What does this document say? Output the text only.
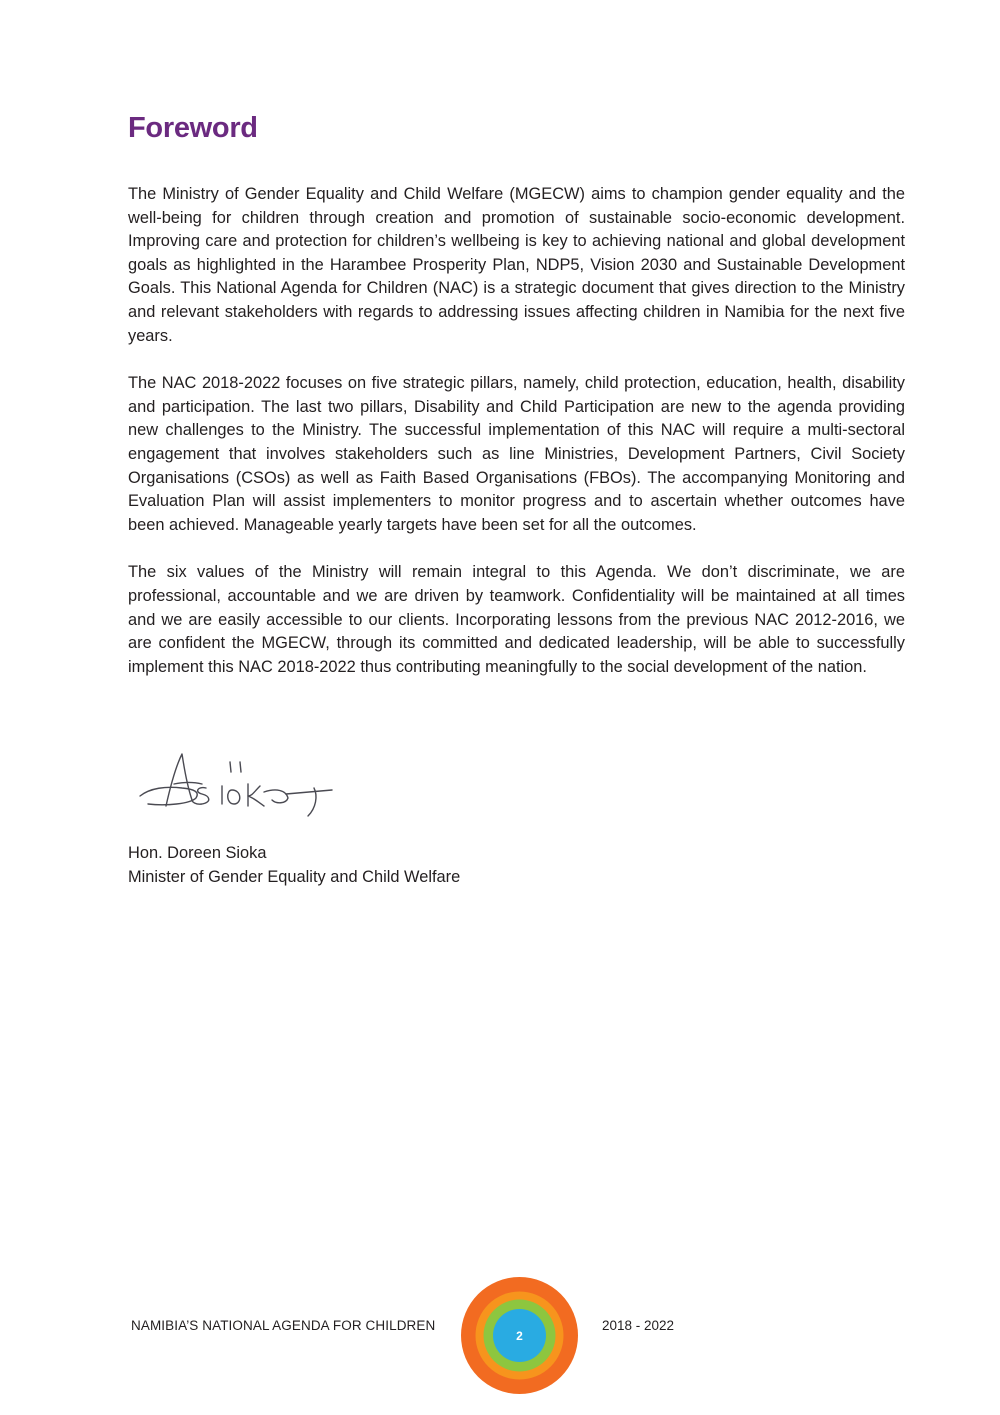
Foreword

The Ministry of Gender Equality and Child Welfare (MGECW) aims to champion gender equality and the well-being for children through creation and promotion of sustainable socio-economic development. Improving care and protection for children’s wellbeing is key to achieving national and global development goals as highlighted in the Harambee Prosperity Plan, NDP5, Vision 2030 and Sustainable Development Goals. This National Agenda for Children (NAC) is a strategic document that gives direction to the Ministry and relevant stakeholders with regards to addressing issues affecting children in Namibia for the next five years.

The NAC 2018-2022 focuses on five strategic pillars, namely, child protection, education, health, disability and participation. The last two pillars, Disability and Child Participation are new to the agenda providing new challenges to the Ministry. The successful implementation of this NAC will require a multi-sectoral engagement that involves stakeholders such as line Ministries, Development Partners, Civil Society Organisations (CSOs) as well as Faith Based Organisations (FBOs). The accompanying Monitoring and Evaluation Plan will assist implementers to monitor progress and to ascertain whether outcomes have been achieved. Manageable yearly targets have been set for all the outcomes.

The six values of the Ministry will remain integral to this Agenda. We don’t discriminate, we are professional, accountable and we are driven by teamwork. Confidentiality will be maintained at all times and we are easily accessible to our clients. Incorporating lessons from the previous NAC 2012-2016, we are confident the MGECW, through its committed and dedicated leadership, will be able to successfully implement this NAC 2018-2022 thus contributing meaningfully to the social development of the nation.

Hon. Doreen Sioka
Minister of Gender Equality and Child Welfare
NAMIBIA’S NATIONAL AGENDA FOR CHILDREN
2
2018 - 2022
